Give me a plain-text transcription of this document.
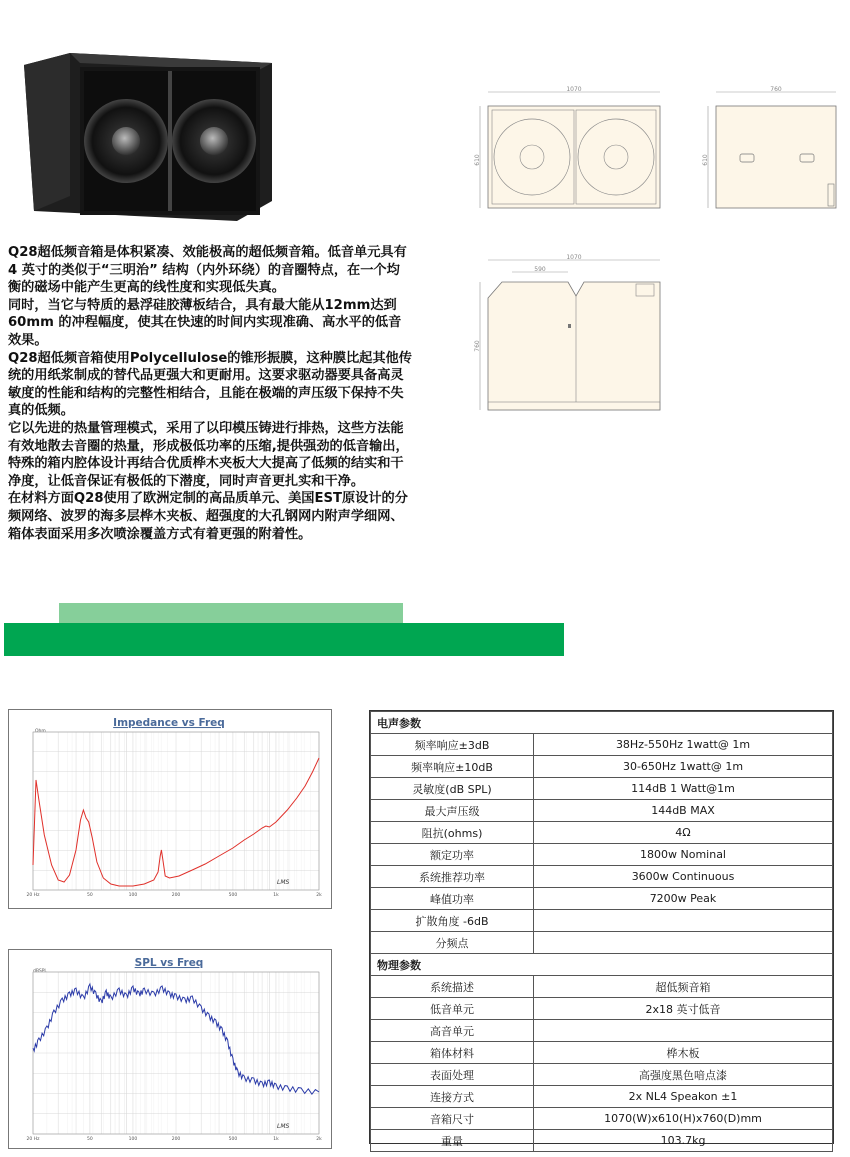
1070
610
760
610
1070
590
760

Q28超低频音箱是体积紧凑、效能极高的超低频音箱。低音单元具有4 英寸的类似于“三明治” 结构（内外环绕）的音圈特点，在一个均衡的磁场中能产生更高的线性度和实现低失真。

同时，当它与特质的悬浮硅胶薄板结合，具有最大能从12mm达到 60mm 的冲程幅度，使其在快速的时间内实现准确、高水平的低音效果。

Q28超低频音箱使用Polycellulose的锥形振膜，这种膜比起其他传统的用纸浆制成的替代品更强大和更耐用。这要求驱动器要具备高灵敏度的性能和结构的完整性相结合，且能在极端的声压级下保持不失真的低频。

它以先进的热量管理模式，采用了以印模压铸进行排热，这些方法能有效地散去音圈的热量，形成极低功率的压缩,提供强劲的低音输出，特殊的箱内腔体设计再结合优质桦木夹板大大提高了低频的结实和干净度，让低音保证有极低的下潜度，同时声音更扎实和干净。

在材料方面Q28使用了欧洲定制的高品质单元、美国EST原设计的分频网络、波罗的海多层桦木夹板、超强度的大孔钢网内附声学细网、箱体表面采用多次喷涂覆盖方式有着更强的附着性。

Impedance vs Freq
Ohm
20 Hz	50	100	200	500	1k	2k
LMS
SPL vs Freq
dBSPL
20 Hz	50	100	200	500	1k	2k
LMS
电声参数	
频率响应±3dB	38Hz-550Hz 1watt@ 1m
频率响应±10dB	30-650Hz 1watt@ 1m
灵敏度(dB SPL)	114dB 1 Watt@1m
最大声压级	144dB MAX
阻抗(ohms)	4Ω
额定功率	1800w Nominal
系统推荐功率	3600w Continuous
峰值功率	7200w Peak
扩散角度 -6dB	
分频点	
物理参数	
系统描述	超低频音箱
低音单元	2x18 英寸低音
高音单元	
箱体材料	桦木板
表面处理	高强度黑色喑点漆
连接方式	2x NL4 Speakon ±1
音箱尺寸	1070(W)x610(H)x760(D)mm
重量	103.7kg
